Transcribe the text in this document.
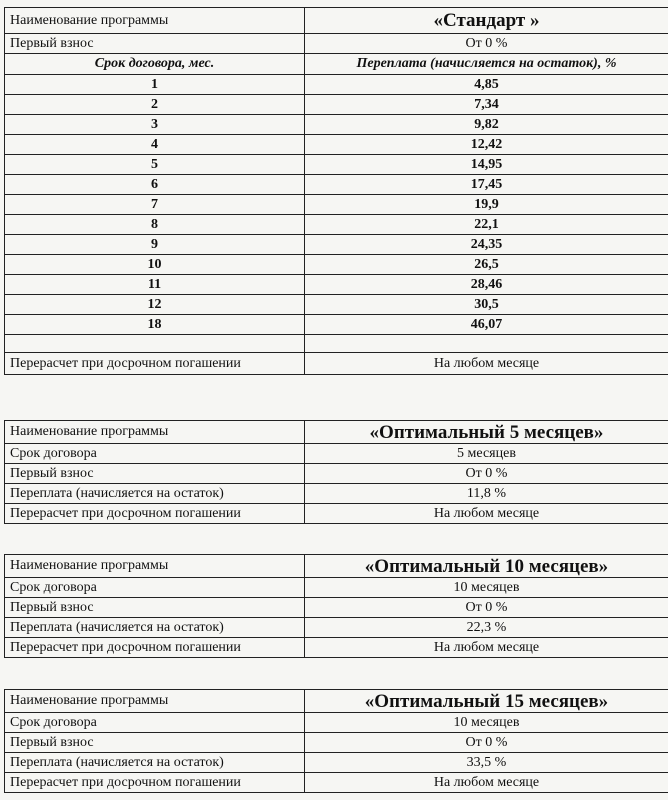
Наименование программы	«Стандарт »
Первый взнос	От 0 %
Срок договора, мес.	Переплата (начисляется на остаток), %
1	4,85
2	7,34
3	9,82
4	12,42
5	14,95
6	17,45
7	19,9
8	22,1
9	24,35
10	26,5
11	28,46
12	30,5
18	46,07

Перерасчет при досрочном погашении	На любом месяце
Наименование программы	«Оптимальный 5 месяцев»
Срок договора	5 месяцев
Первый взнос	От 0 %
Переплата (начисляется на остаток)	11,8 %
Перерасчет при досрочном погашении	На любом месяце
Наименование программы	«Оптимальный 10 месяцев»
Срок договора	10 месяцев
Первый взнос	От 0 %
Переплата (начисляется на остаток)	22,3 %
Перерасчет при досрочном погашении	На любом месяце
Наименование программы	«Оптимальный 15 месяцев»
Срок договора	10 месяцев
Первый взнос	От 0 %
Переплата (начисляется на остаток)	33,5 %
Перерасчет при досрочном погашении	На любом месяце
